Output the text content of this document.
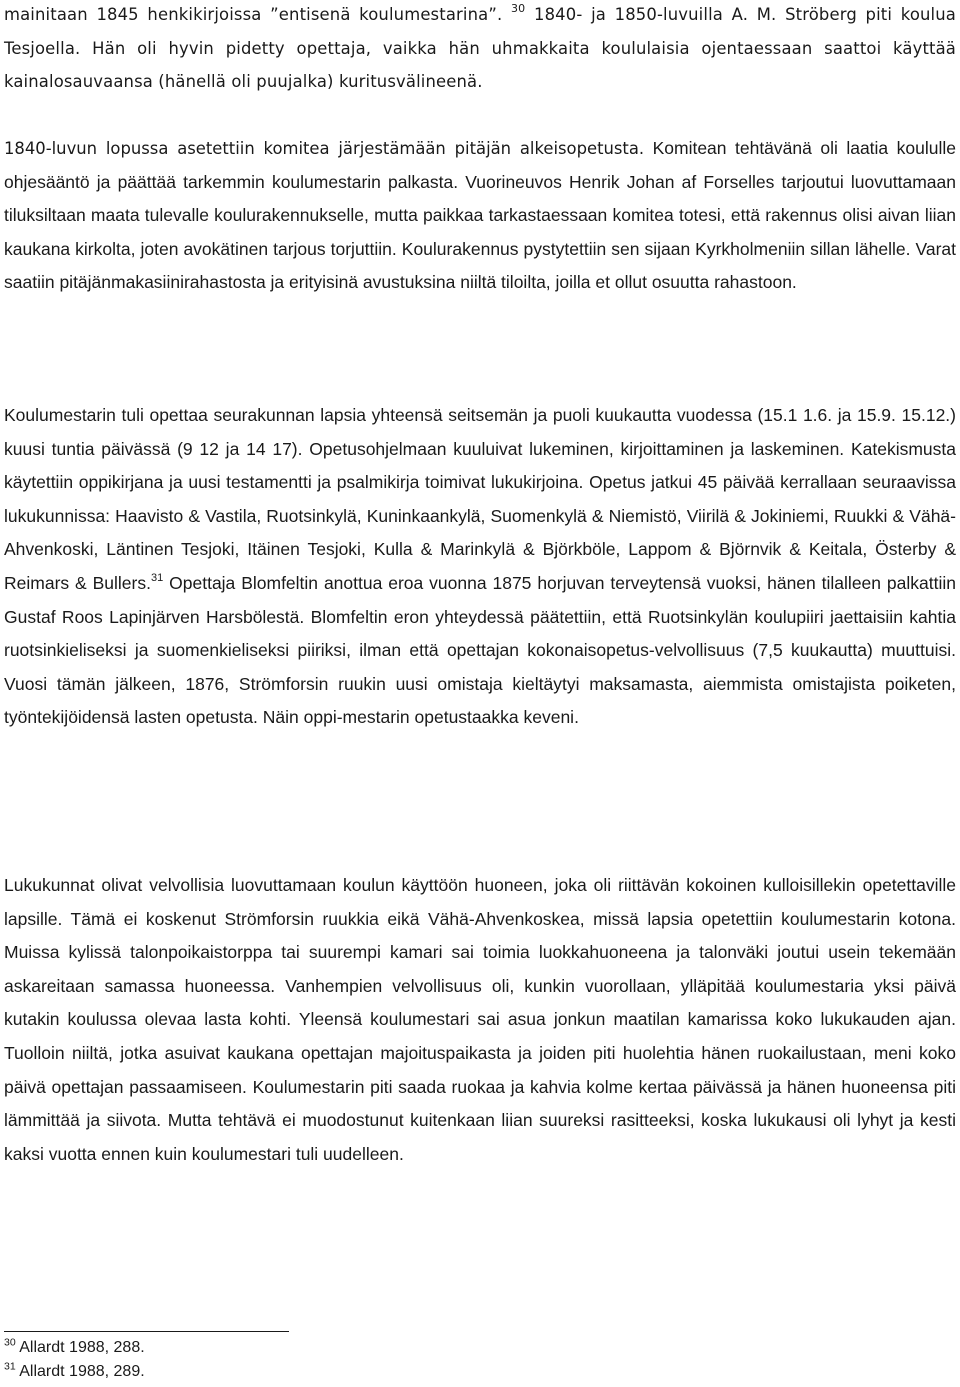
mainitaan 1845 henkikirjoissa ”entisenä koulumestarina”. $^{30}$ 1840- ja 1850-luvuilla A. M. Ströberg piti koulua Tesjoella. Hän oli hyvin pidetty opettaja, vaikka hän uhmakkaita koululaisia ojentaessaan saattoi käyttää kainalosauvaansa (hänellä oli puujalka) kuritusvälineenä.

1840-luvun lopussa asetettiin komitea järjestämään pitäjän alkeisopetusta. Komitean tehtävänä oli laatia koululle ohjesääntö ja päättää tarkemmin koulumestarin palkasta. Vuorineuvos Henrik Johan af Forselles tarjoutui luovuttamaan tiluksiltaan maata tulevalle koulurakennukselle, mutta paikkaa tarkastaessaan komitea totesi, että rakennus olisi aivan liian kaukana kirkolta, joten avokätinen tarjous torjuttiin. Koulurakennus pystytettiin sen sijaan Kyrkholmeniin sillan lähelle. Varat saatiin pitäjänmakasiinirahastosta ja erityisinä avustuksina niiltä tiloilta, joilla et ollut osuutta rahastoon.

Koulumestarin tuli opettaa seurakunnan lapsia yhteensä seitsemän ja puoli kuukautta vuodessa (15.1 1.6. ja 15.9. 15.12.) kuusi tuntia päivässä (9 12 ja 14 17). Opetusohjelmaan kuuluivat lukeminen, kirjoittaminen ja laskeminen. Katekismusta käytettiin oppikirjana ja uusi testamentti ja psalmikirja toimivat lukukirjoina. Opetus jatkui 45 päivää kerrallaan seuraavissa lukukunnissa: Haavisto & Vastila, Ruotsinkylä, Kuninkaankylä, Suomenkylä & Niemistö, Viirilä & Jokiniemi, Ruukki & Vähä-Ahvenkoski, Läntinen Tesjoki, Itäinen Tesjoki, Kulla & Marinkylä & Björkböle, Lappom & Björnvik & Keitala, Österby & Reimars & Bullers.$^{31}$ Opettaja Blomfeltin anottua eroa vuonna 1875 horjuvan terveytensä vuoksi, hänen tilalleen palkattiin Gustaf Roos Lapinjärven Harsbölestä. Blomfeltin eron yhteydessä päätettiin, että Ruotsinkylän koulupiiri jaettaisiin kahtia ruotsinkieliseksi ja suomenkieliseksi piiriksi, ilman että opettajan kokonaisopetus-velvollisuus (7,5 kuukautta) muuttuisi. Vuosi tämän jälkeen, 1876, Strömforsin ruukin uusi omistaja kieltäytyi maksamasta, aiemmista omistajista poiketen, työntekijöidensä lasten opetusta. Näin oppi-mestarin opetustaakka keveni.

Lukukunnat olivat velvollisia luovuttamaan koulun käyttöön huoneen, joka oli riittävän kokoinen kulloisillekin opetettaville lapsille. Tämä ei koskenut Strömforsin ruukkia eikä Vähä-Ahvenkoskea, missä lapsia opetettiin koulumestarin kotona. Muissa kylissä talonpoikaistorppa tai suurempi kamari sai toimia luokkahuoneena ja talonväki joutui usein tekemään askareitaan samassa huoneessa. Vanhempien velvollisuus oli, kunkin vuorollaan, ylläpitää koulumestaria yksi päivä kutakin koulussa olevaa lasta kohti. Yleensä koulumestari sai asua jonkun maatilan kamarissa koko lukukauden ajan. Tuolloin niiltä, jotka asuivat kaukana opettajan majoituspaikasta ja joiden piti huolehtia hänen ruokailustaan, meni koko päivä opettajan passaamiseen. Koulumestarin piti saada ruokaa ja kahvia kolme kertaa päivässä ja hänen huoneensa piti lämmittää ja siivota. Mutta tehtävä ei muodostunut kuitenkaan liian suureksi rasitteeksi, koska lukukausi oli lyhyt ja kesti kaksi vuotta ennen kuin koulumestari tuli uudelleen.

$^{30}$ Allardt 1988, 288.
$^{31}$ Allardt 1988, 289.
